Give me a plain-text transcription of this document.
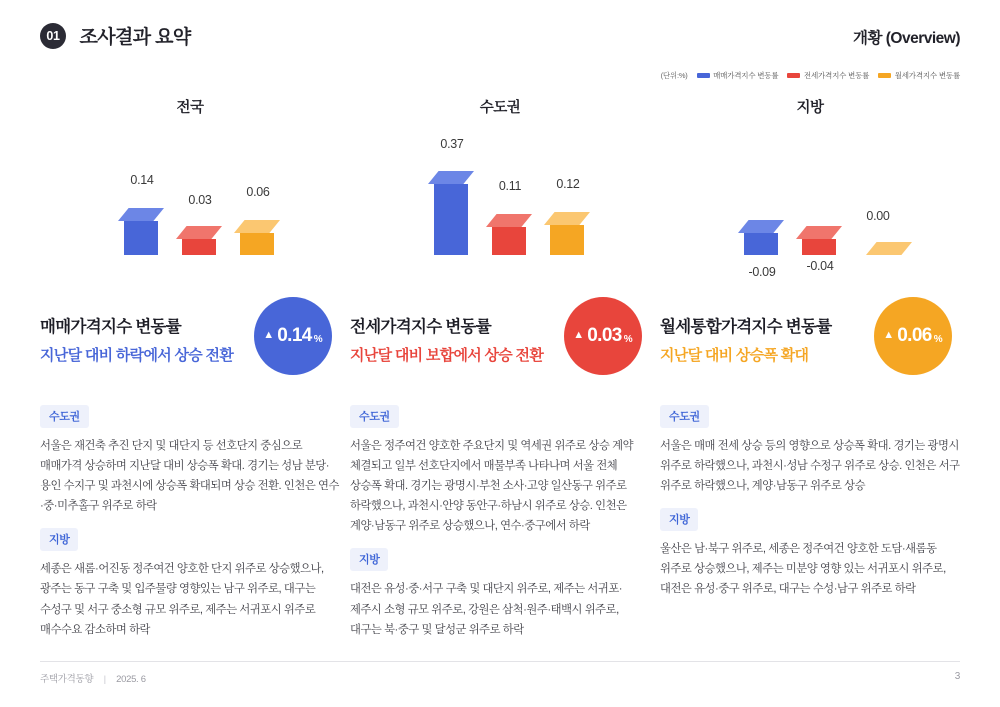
01 조사결과 요약	개황 (Overview)
(단위:%)	매매가격지수 변동률	전세가격지수 변동률	월세가격지수 변동률
전국
0.14
0.03
0.06
매매가격지수 변동률
지난달 대비 하락에서 상승 전환
▲ 0.14 %
수도권
서울은 재건축 추진 단지 및 대단지 등 선호단지 중심으로 매매가격 상승하며 지난달 대비 상승폭 확대. 경기는 성남 분당·용인 수지구 및 과천시에 상승폭 확대되며 상승 전환. 인천은 연수·중·미추홀구 위주로 하락
지방
세종은 새롬·어진동 정주여건 양호한 단지 위주로 상승했으나, 광주는 동구 구축 및 입주물량 영향있는 남구 위주로, 대구는 수성구 및 서구 중소형 규모 위주로, 제주는 서귀포시 위주로 매수수요 감소하며 하락
수도권
0.37
0.11	0.12
전세가격지수 변동률
지난달 대비 보합에서 상승 전환
▲ 0.03 %
수도권
서울은 정주여건 양호한 주요단지 및 역세권 위주로 상승 계약 체결되고 일부 선호단지에서 매물부족 나타나며 서울 전체 상승폭 확대. 경기는 광명시·부천 소사·고양 일산동구 위주로 하락했으나, 과천시·안양 동안구·하남시 위주로 상승. 인천은 계양·남동구 위주로 상승했으나, 연수·중구에서 하락
지방
대전은 유성·중·서구 구축 및 대단지 위주로, 제주는 서귀포·제주시 소형 규모 위주로, 강원은 삼척·원주·태백시 위주로, 대구는 북·중구 및 달성군 위주로 하락
지방
-0.09	-0.04
0.00
월세통합가격지수 변동률
지난달 대비 상승폭 확대
▲ 0.06 %
수도권
서울은 매매 전세 상승 등의 영향으로 상승폭 확대. 경기는 광명시 위주로 하락했으나, 과천시·성남 수정구 위주로 상승. 인천은 서구 위주로 하락했으나, 계양·남동구 위주로 상승
지방
울산은 남·북구 위주로, 세종은 정주여건 양호한 도담·새롬동 위주로 상승했으나, 제주는 미분양 영향 있는 서귀포시 위주로, 대전은 유성·중구 위주로, 대구는 수성·남구 위주로 하락
주택가격동향 | 2025. 6	3
